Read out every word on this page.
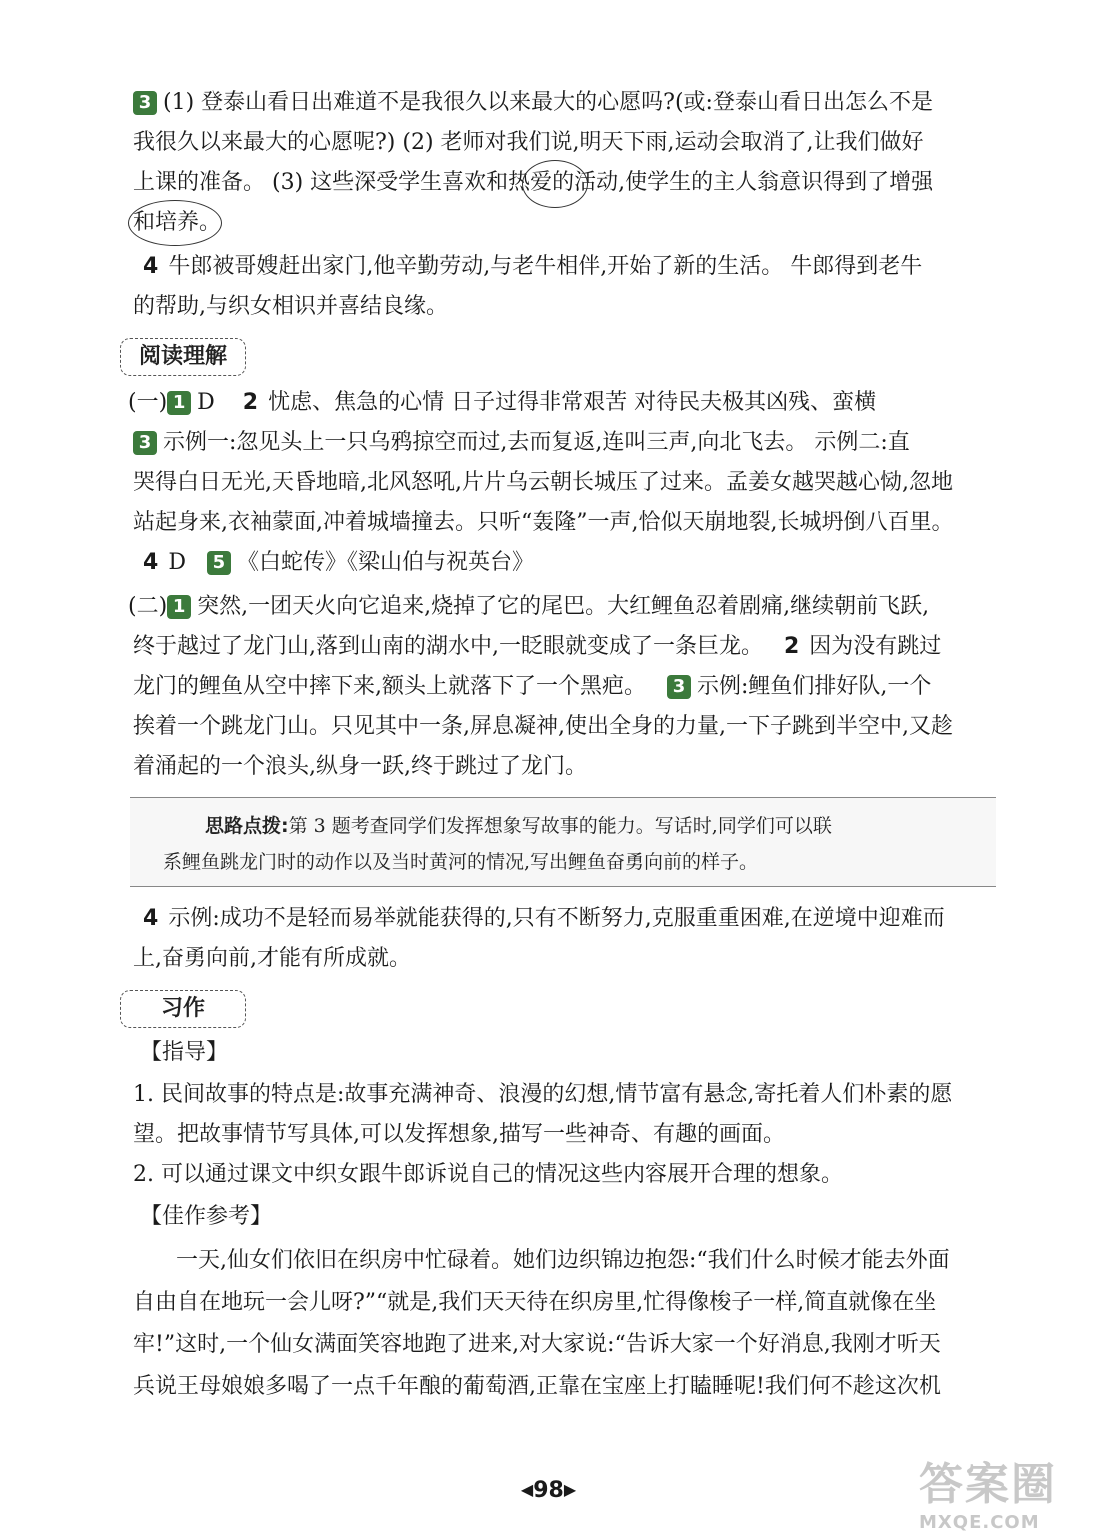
3 (1) 登泰山看日出难道不是我很久以来最大的心愿吗?(或:登泰山看日出怎么不是
我很久以来最大的心愿呢?) (2) 老师对我们说,明天下雨,运动会取消了,让我们做好
上课的准备。 (3) 这些深受学生喜欢和热爱的活动,使学生的主人翁意识得到了增强
和培养。
4 牛郎被哥嫂赶出家门,他辛勤劳动,与老牛相伴,开始了新的生活。 牛郎得到老牛
的帮助,与织女相识并喜结良缘。
阅读理解
(一) 1 D 2 忧虑、焦急的心情 日子过得非常艰苦 对待民夫极其凶残、蛮横
3 示例一:忽见头上一只乌鸦掠空而过,去而复返,连叫三声,向北飞去。 示例二:直
哭得白日无光,天昏地暗,北风怒吼,片片乌云朝长城压了过来。孟姜女越哭越心恸,忽地
站起身来,衣袖蒙面,冲着城墙撞去。只听“轰隆”一声,恰似天崩地裂,长城坍倒八百里。
4 D 5 《白蛇传》《梁山伯与祝英台》
(二) 1 突然,一团天火向它追来,烧掉了它的尾巴。大红鲤鱼忍着剧痛,继续朝前飞跃,
终于越过了龙门山,落到山南的湖水中,一眨眼就变成了一条巨龙。 2 因为没有跳过
龙门的鲤鱼从空中摔下来,额头上就落下了一个黑疤。 3 示例:鲤鱼们排好队,一个
挨着一个跳龙门山。只见其中一条,屏息凝神,使出全身的力量,一下子跳到半空中,又趁
着涌起的一个浪头,纵身一跃,终于跳过了龙门。
思路点拨:第 3 题考查同学们发挥想象写故事的能力。写话时,同学们可以联
系鲤鱼跳龙门时的动作以及当时黄河的情况,写出鲤鱼奋勇向前的样子。
4 示例:成功不是轻而易举就能获得的,只有不断努力,克服重重困难,在逆境中迎难而
上,奋勇向前,才能有所成就。
习作
【指导】
1. 民间故事的特点是:故事充满神奇、浪漫的幻想,情节富有悬念,寄托着人们朴素的愿
望。把故事情节写具体,可以发挥想象,描写一些神奇、有趣的画面。
2. 可以通过课文中织女跟牛郎诉说自己的情况这些内容展开合理的想象。
【佳作参考】
一天,仙女们依旧在织房中忙碌着。她们边织锦边抱怨:“我们什么时候才能去外面
自由自在地玩一会儿呀?”“就是,我们天天待在织房里,忙得像梭子一样,简直就像在坐
牢!”这时,一个仙女满面笑容地跑了进来,对大家说:“告诉大家一个好消息,我刚才听天
兵说王母娘娘多喝了一点千年酿的葡萄酒,正靠在宝座上打瞌睡呢!我们何不趁这次机
◀98▶	答案圈
MXQE.COM
